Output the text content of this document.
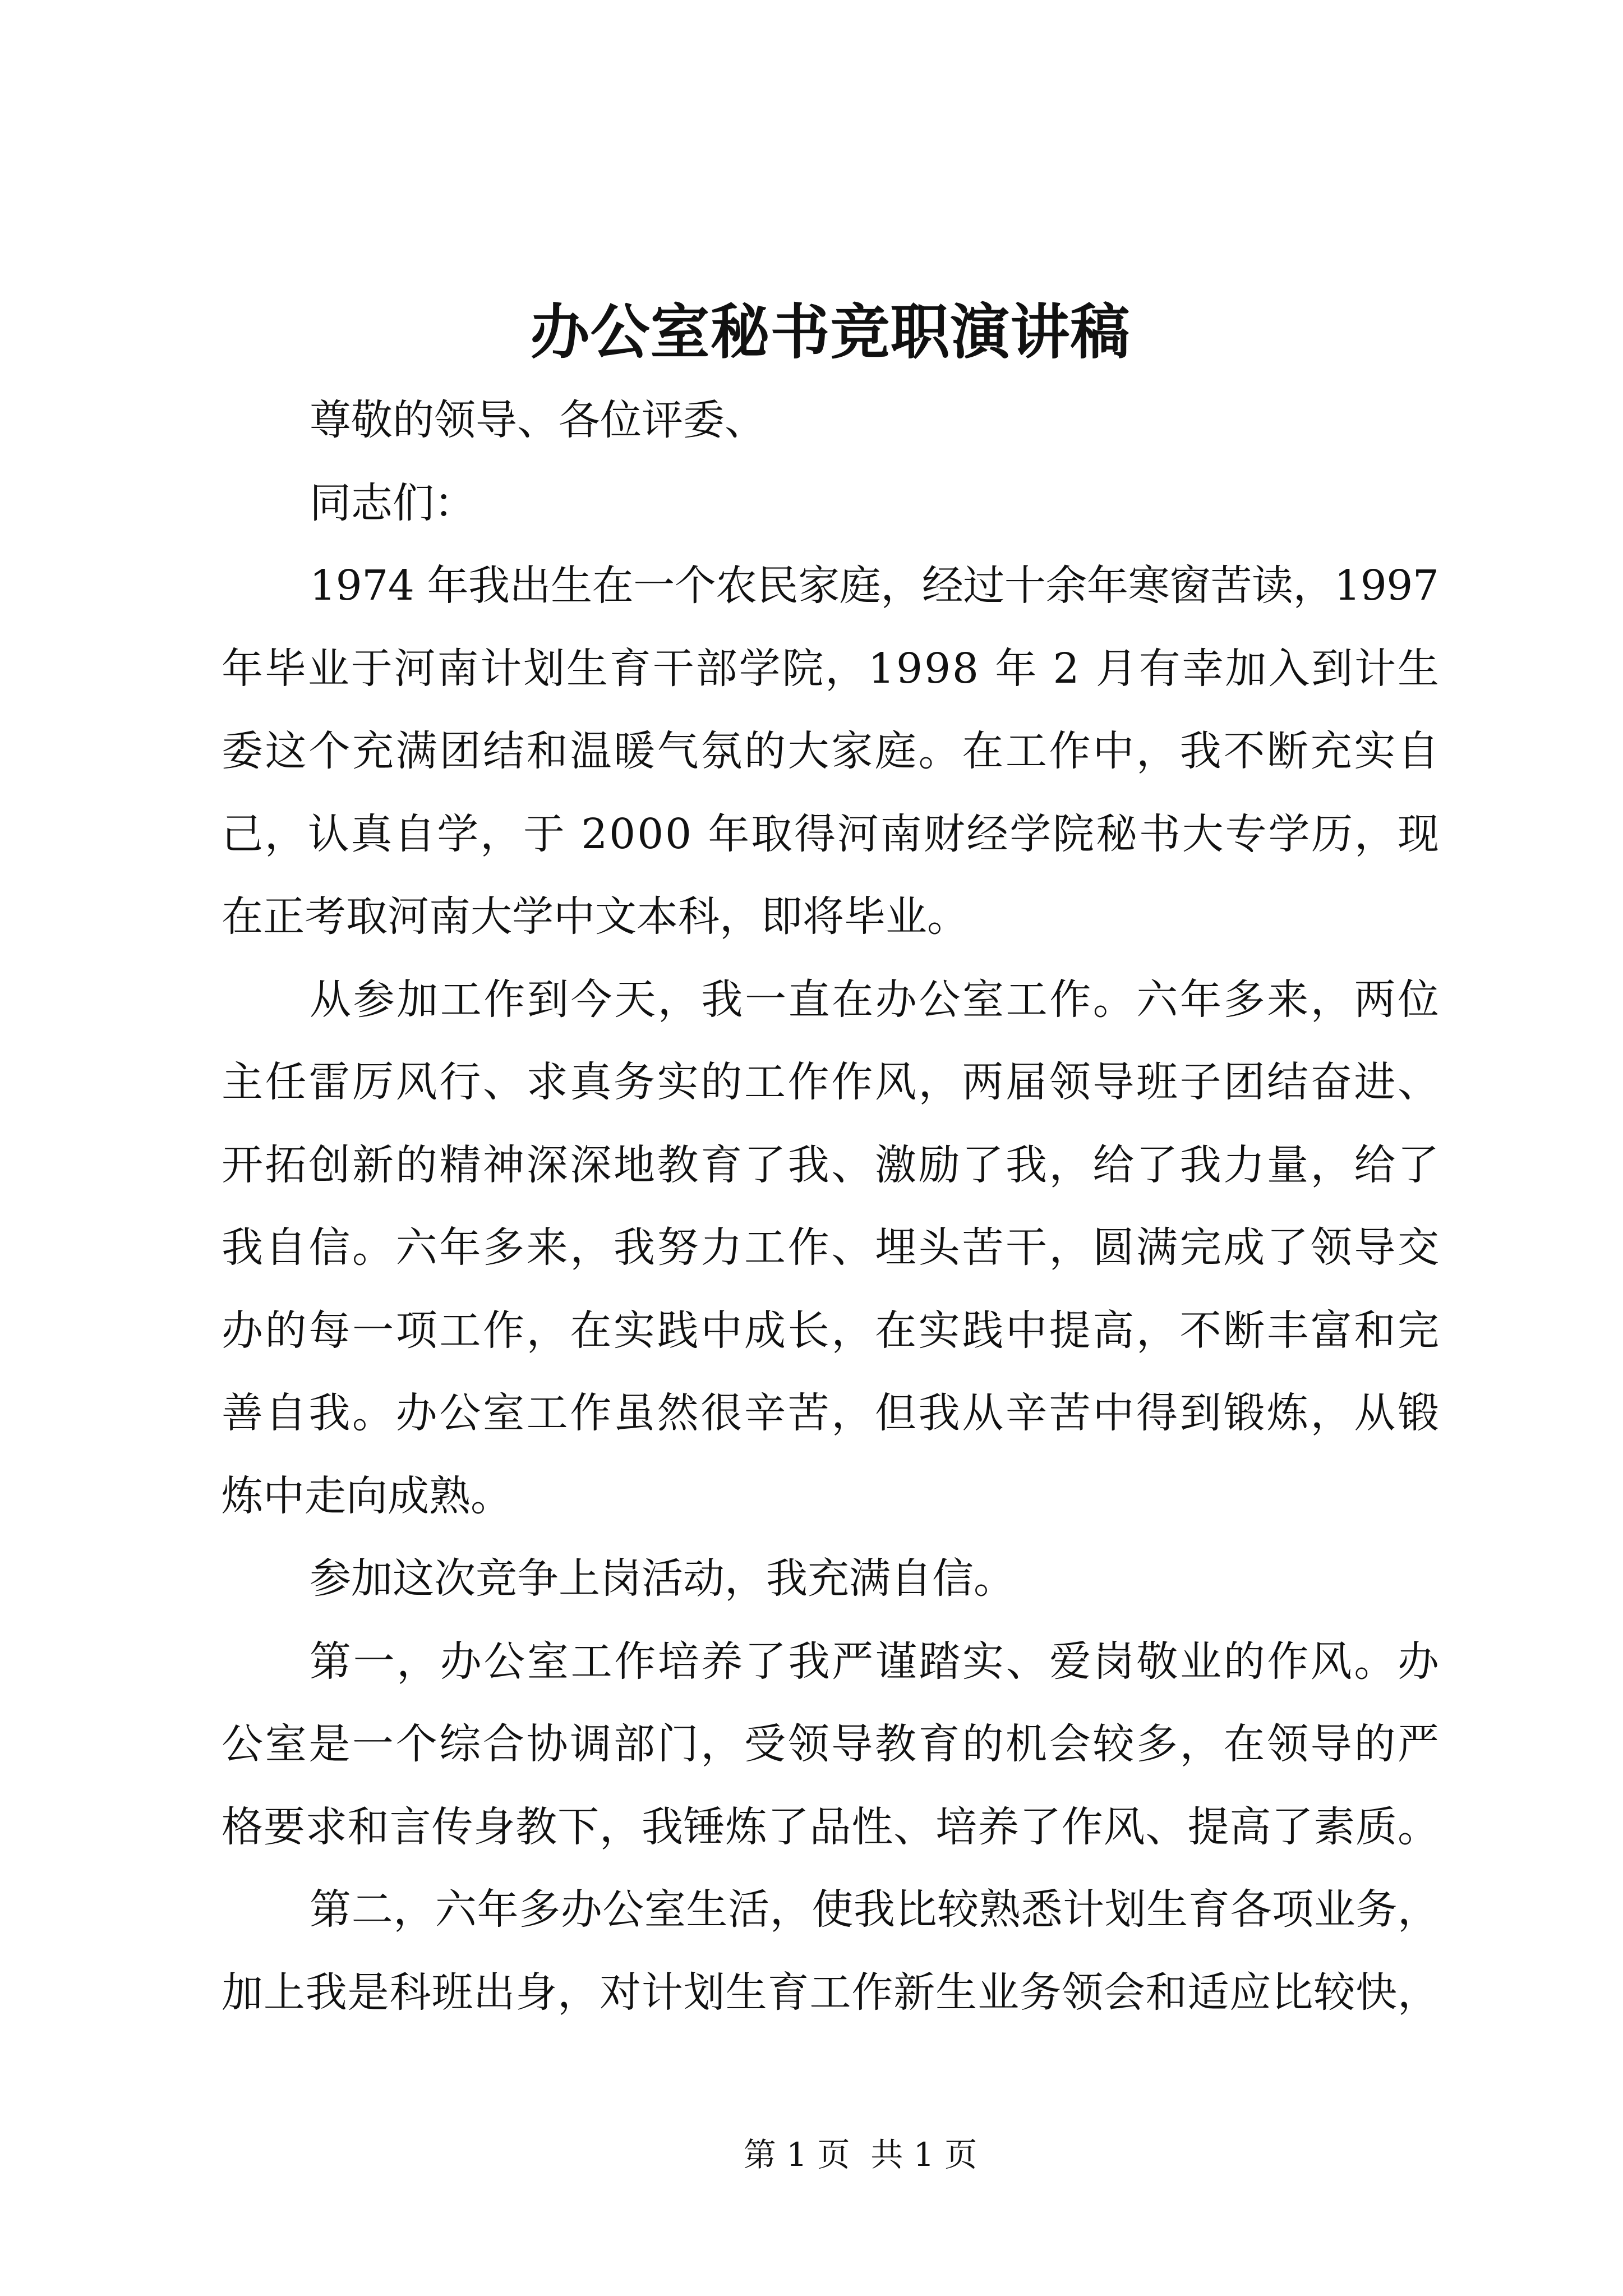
办公室秘书竞职演讲稿
尊敬的领导、各位评委、
同志们：
1974 年我出生在一个农民家庭，经过十余年寒窗苦读，1997
年毕业于河南计划生育干部学院，1998 年 2 月有幸加入到计生
委这个充满团结和温暖气氛的大家庭。在工作中，我不断充实自
己，认真自学，于 2000 年取得河南财经学院秘书大专学历，现
在正考取河南大学中文本科，即将毕业。
从参加工作到今天，我一直在办公室工作。六年多来，两位
主任雷厉风行、求真务实的工作作风，两届领导班子团结奋进、
开拓创新的精神深深地教育了我、激励了我，给了我力量，给了
我自信。六年多来，我努力工作、埋头苦干，圆满完成了领导交
办的每一项工作，在实践中成长，在实践中提高，不断丰富和完
善自我。办公室工作虽然很辛苦，但我从辛苦中得到锻炼，从锻
炼中走向成熟。
参加这次竞争上岗活动，我充满自信。
第一，办公室工作培养了我严谨踏实、爱岗敬业的作风。办
公室是一个综合协调部门，受领导教育的机会较多，在领导的严
格要求和言传身教下，我锤炼了品性、培养了作风、提高了素质。
第二，六年多办公室生活，使我比较熟悉计划生育各项业务，
加上我是科班出身，对计划生育工作新生业务领会和适应比较快，
第 1 页  共 1 页
